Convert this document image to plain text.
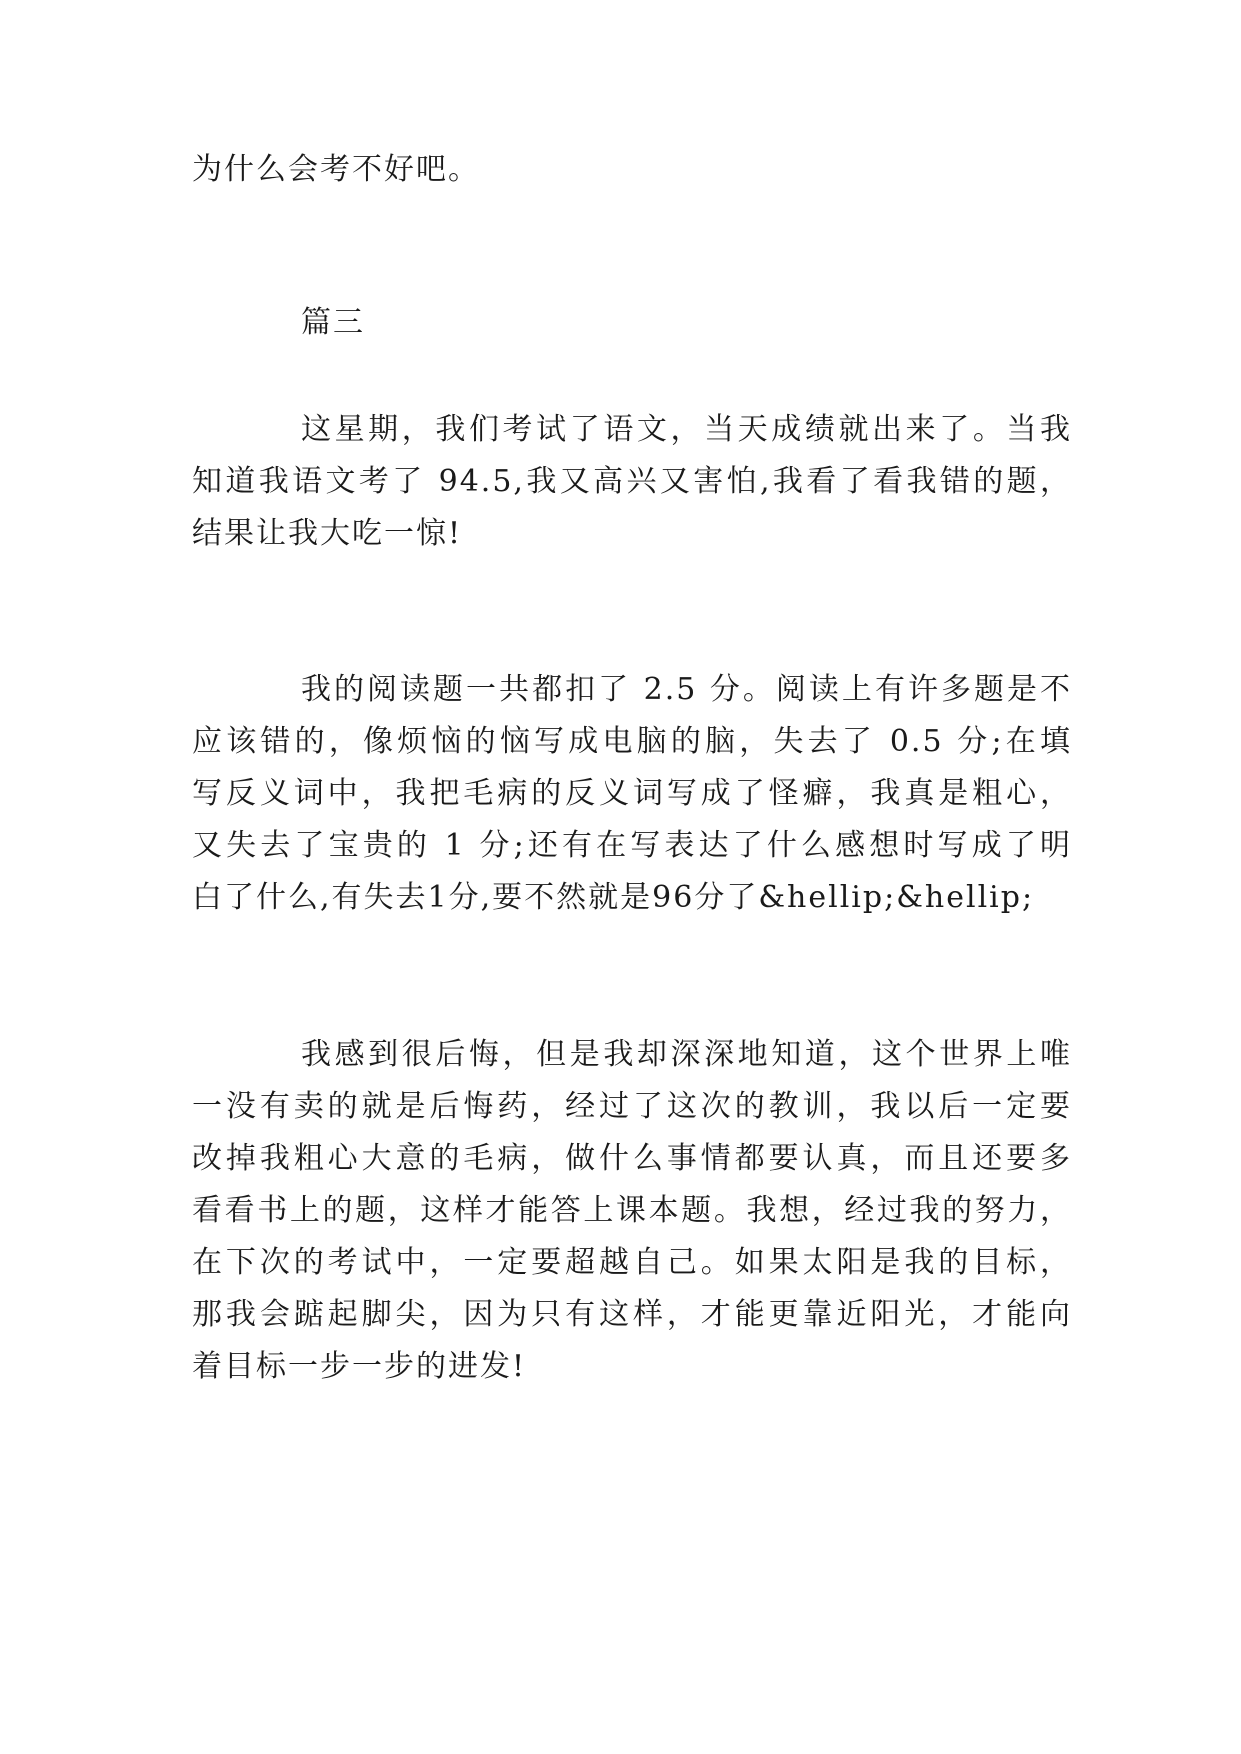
为什么会考不好吧。
篇三
这星期，我们考试了语文，当天成绩就出来了。当我
知道我语文考了 94.5,我又高兴又害怕,我看了看我错的题，
结果让我大吃一惊!
我的阅读题一共都扣了 2.5 分。阅读上有许多题是不
应该错的，像烦恼的恼写成电脑的脑，失去了 0.5 分;在填
写反义词中，我把毛病的反义词写成了怪癖，我真是粗心，
又失去了宝贵的 1 分;还有在写表达了什么感想时写成了明
白了什么,有失去1分,要不然就是96分了&hellip;&hellip;
我感到很后悔，但是我却深深地知道，这个世界上唯
一没有卖的就是后悔药，经过了这次的教训，我以后一定要
改掉我粗心大意的毛病，做什么事情都要认真，而且还要多
看看书上的题，这样才能答上课本题。我想，经过我的努力，
在下次的考试中，一定要超越自己。如果太阳是我的目标，
那我会踮起脚尖，因为只有这样，才能更靠近阳光，才能向
着目标一步一步的进发!
